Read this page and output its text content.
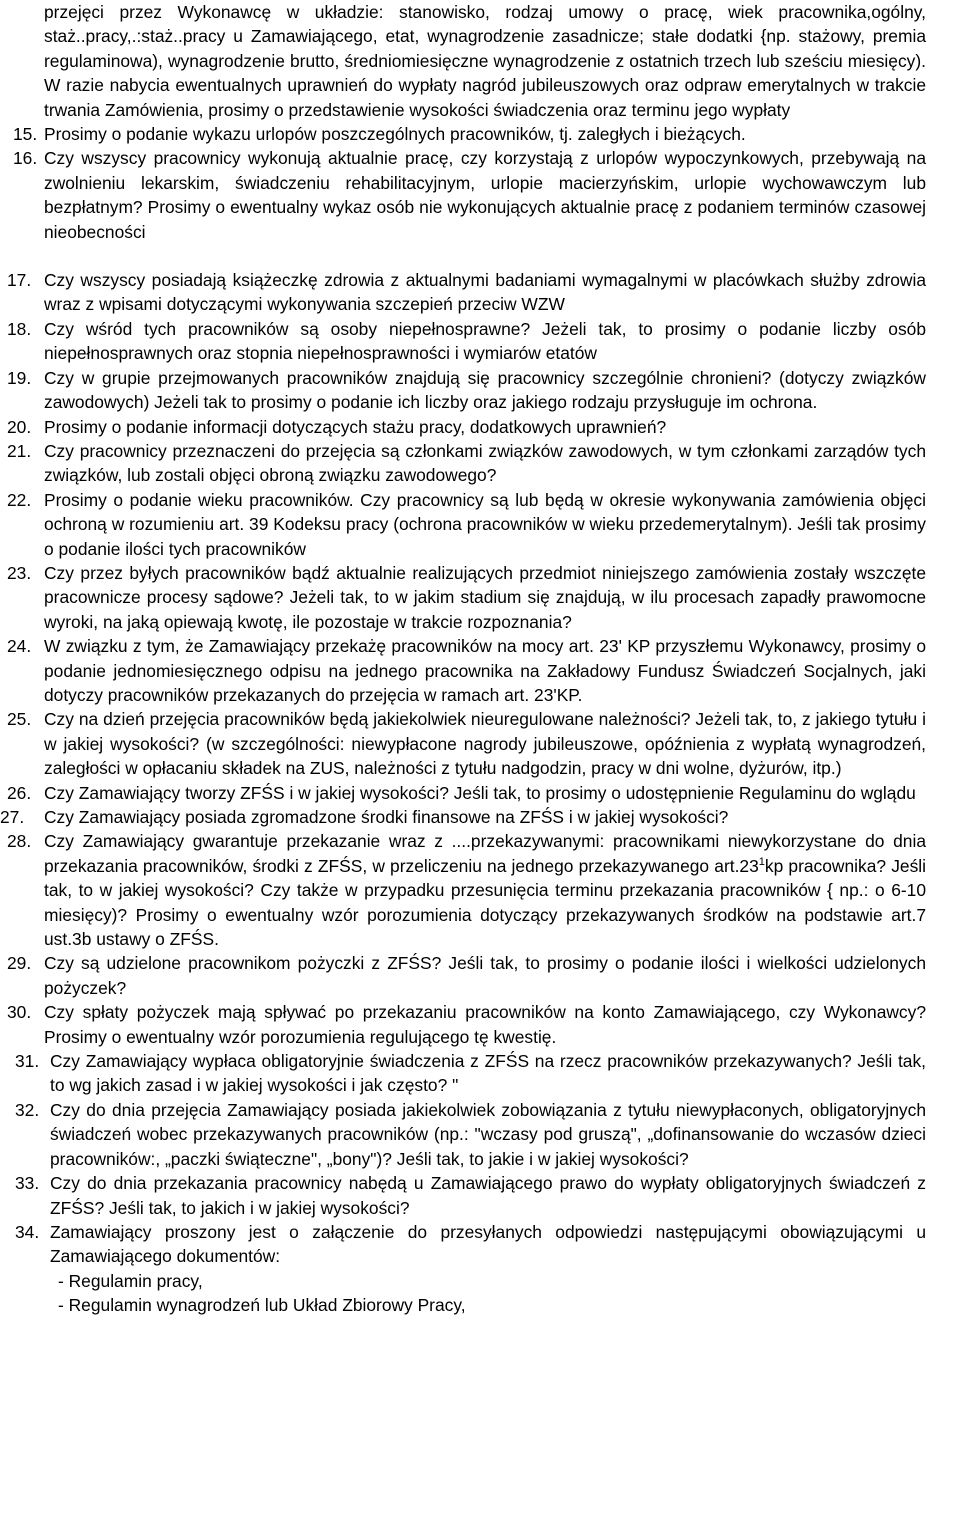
przejęci przez Wykonawcę w układzie: stanowisko, rodzaj umowy o pracę, wiek pracownika,ogólny, staż..pracy,.:staż..pracy u Zamawiającego, etat, wynagrodzenie zasadnicze; stałe dodatki {np. stażowy, premia regulaminowa), wynagrodzenie brutto, średniomiesięczne wynagrodzenie z ostatnich trzech lub sześciu miesięcy). W razie nabycia ewentualnych uprawnień do wypłaty nagród jubileuszowych oraz odpraw emerytalnych w trakcie trwania Zamówienia, prosimy o przedstawienie wysokości świadczenia oraz terminu jego wypłaty
15. Prosimy o podanie wykazu urlopów poszczególnych pracowników, tj. zaległych i bieżących.
16. Czy wszyscy pracownicy wykonują aktualnie pracę, czy korzystają z urlopów wypoczynkowych, przebywają na zwolnieniu lekarskim, świadczeniu rehabilitacyjnym, urlopie macierzyńskim, urlopie wychowawczym lub bezpłatnym? Prosimy o ewentualny wykaz osób nie wykonujących aktualnie pracę z podaniem terminów czasowej nieobecności
17. Czy wszyscy posiadają książeczkę zdrowia z aktualnymi badaniami wymagalnymi w placówkach służby zdrowia wraz z wpisami dotyczącymi wykonywania szczepień przeciw WZW
18. Czy wśród tych pracowników są osoby niepełnosprawne? Jeżeli tak, to prosimy o podanie liczby osób niepełnosprawnych oraz stopnia niepełnosprawności i wymiarów etatów
19. Czy w grupie przejmowanych pracowników znajdują się pracownicy szczególnie chronieni? (dotyczy związków zawodowych) Jeżeli tak to prosimy o podanie ich liczby oraz jakiego rodzaju przysługuje im ochrona.
20. Prosimy o podanie informacji dotyczących stażu pracy, dodatkowych uprawnień?
21. Czy pracownicy przeznaczeni do przejęcia są członkami związków zawodowych, w tym członkami zarządów tych związków, lub zostali objęci obroną związku zawodowego?
22. Prosimy o podanie wieku pracowników. Czy pracownicy są lub będą w okresie wykonywania zamówienia objęci ochroną w rozumieniu art. 39 Kodeksu pracy (ochrona pracowników w wieku przedemerytalnym). Jeśli tak prosimy o podanie ilości tych pracowników
23. Czy przez byłych pracowników bądź aktualnie realizujących przedmiot niniejszego zamówienia zostały wszczęte pracownicze procesy sądowe? Jeżeli tak, to w jakim stadium się znajdują, w ilu procesach zapadły prawomocne wyroki, na jaką opiewają kwotę, ile pozostaje w trakcie rozpoznania?
24. W związku z tym, że Zamawiający przekażę pracowników na mocy art. 23' KP przyszłemu Wykonawcy, prosimy o podanie jednomiesięcznego odpisu na jednego pracownika na Zakładowy Fundusz Świadczeń Socjalnych, jaki dotyczy pracowników przekazanych do przejęcia w ramach art. 23'KP.
25. Czy na dzień przejęcia pracowników będą jakiekolwiek nieuregulowane należności? Jeżeli tak, to, z jakiego tytułu i w jakiej wysokości? (w szczególności: niewypłacone nagrody jubileuszowe, opóźnienia z wypłatą wynagrodzeń, zaległości w opłacaniu składek na ZUS, należności z tytułu nadgodzin, pracy w dni wolne, dyżurów, itp.)
26. Czy Zamawiający tworzy ZFŚS i w jakiej wysokości? Jeśli tak, to prosimy o udostępnienie Regulaminu do wglądu
27.	Czy Zamawiający posiada zgromadzone środki finansowe na ZFŚS i w jakiej wysokości?
28. Czy Zamawiający gwarantuje przekazanie wraz z ....przekazywanymi: pracownikami niewykorzystane do dnia przekazania pracowników, środki z ZFŚS, w przeliczeniu na jednego przekazywanego $art.23^1kp$ pracownika? Jeśli tak, to w jakiej wysokości? Czy także w przypadku przesunięcia terminu przekazania pracowników { np.: o 6-10 miesięcy)? Prosimy o ewentualny wzór porozumienia dotyczący przekazywanych środków na podstawie art.7 ust.3b ustawy o ZFŚS.
29. Czy są udzielone pracownikom pożyczki z ZFŚS? Jeśli tak, to prosimy o podanie ilości i wielkości udzielonych pożyczek?
30. Czy spłaty pożyczek mają spływać po przekazaniu pracowników na konto Zamawiającego, czy Wykonawcy? Prosimy o ewentualny wzór porozumienia regulującego tę kwestię.
31. Czy Zamawiający wypłaca obligatoryjnie świadczenia z ZFŚS na rzecz pracowników przekazywanych? Jeśli tak, to wg jakich zasad i w jakiej wysokości i jak często? "
32. Czy do dnia przejęcia Zamawiający posiada jakiekolwiek zobowiązania z tytułu niewypłaconych, obligatoryjnych świadczeń wobec przekazywanych pracowników (np.: "wczasy pod gruszą", „dofinansowanie do wczasów dzieci pracowników:, „paczki świąteczne", „bony")? Jeśli tak, to jakie i w jakiej wysokości?
33. Czy do dnia przekazania pracownicy nabędą u Zamawiającego prawo do wypłaty obligatoryjnych świadczeń z ZFŚS? Jeśli tak, to jakich i w jakiej wysokości?
34. Zamawiający proszony jest o załączenie do przesyłanych odpowiedzi następującymi obowiązującymi u Zamawiającego dokumentów:
- Regulamin pracy,
- Regulamin wynagrodzeń lub Układ Zbiorowy Pracy,
